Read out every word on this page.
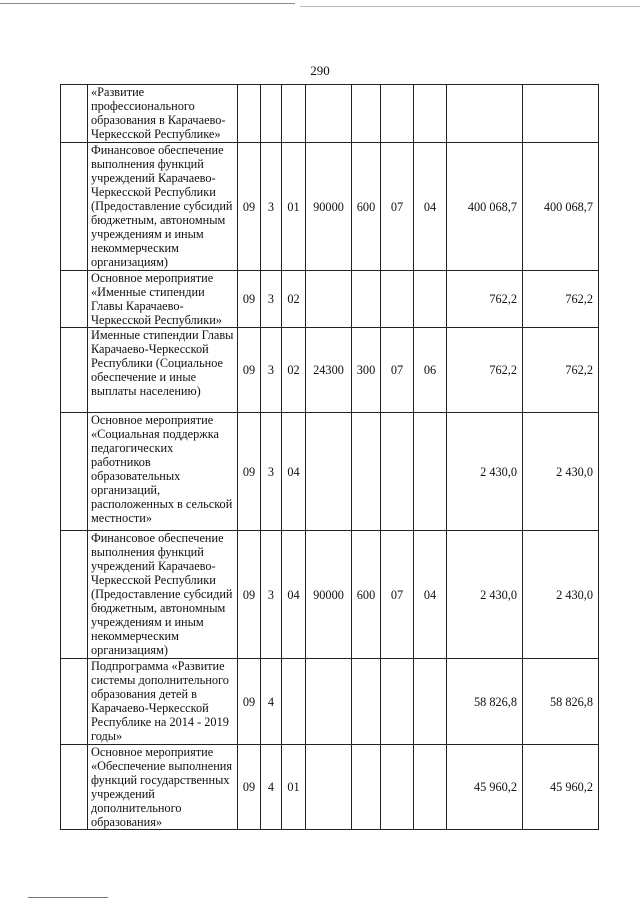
290
	«Развитие профессионального образования в Карачаево-Черкесской Республике»									
	Финансовое обеспечение выполнения функций учреждений Карачаево-Черкесской Республики (Предоставление субсидий бюджетным, автономным учреждениям и иным некоммерческим организациям)	09	3	01	90000	600	07	04	400 068,7	400 068,7
	Основное мероприятие «Именные стипендии Главы Карачаево-Черкесской Республики»	09	3	02					762,2	762,2
	Именные стипендии Главы Карачаево-Черкесской Республики (Социальное обеспечение и иные выплаты населению)	09	3	02	24300	300	07	06	762,2	762,2
	Основное мероприятие «Социальная поддержка педагогических работников образовательных организаций, расположенных в сельской местности»	09	3	04					2 430,0	2 430,0
	Финансовое обеспечение выполнения функций учреждений Карачаево-Черкесской Республики (Предоставление субсидий бюджетным, автономным учреждениям и иным некоммерческим организациям)	09	3	04	90000	600	07	04	2 430,0	2 430,0
	Подпрограмма «Развитие системы дополнительного образования детей в Карачаево-Черкесской Республике на 2014 - 2019 годы»	09	4						58 826,8	58 826,8
	Основное мероприятие «Обеспечение выполнения функций государственных учреждений дополнительного образования»	09	4	01					45 960,2	45 960,2
